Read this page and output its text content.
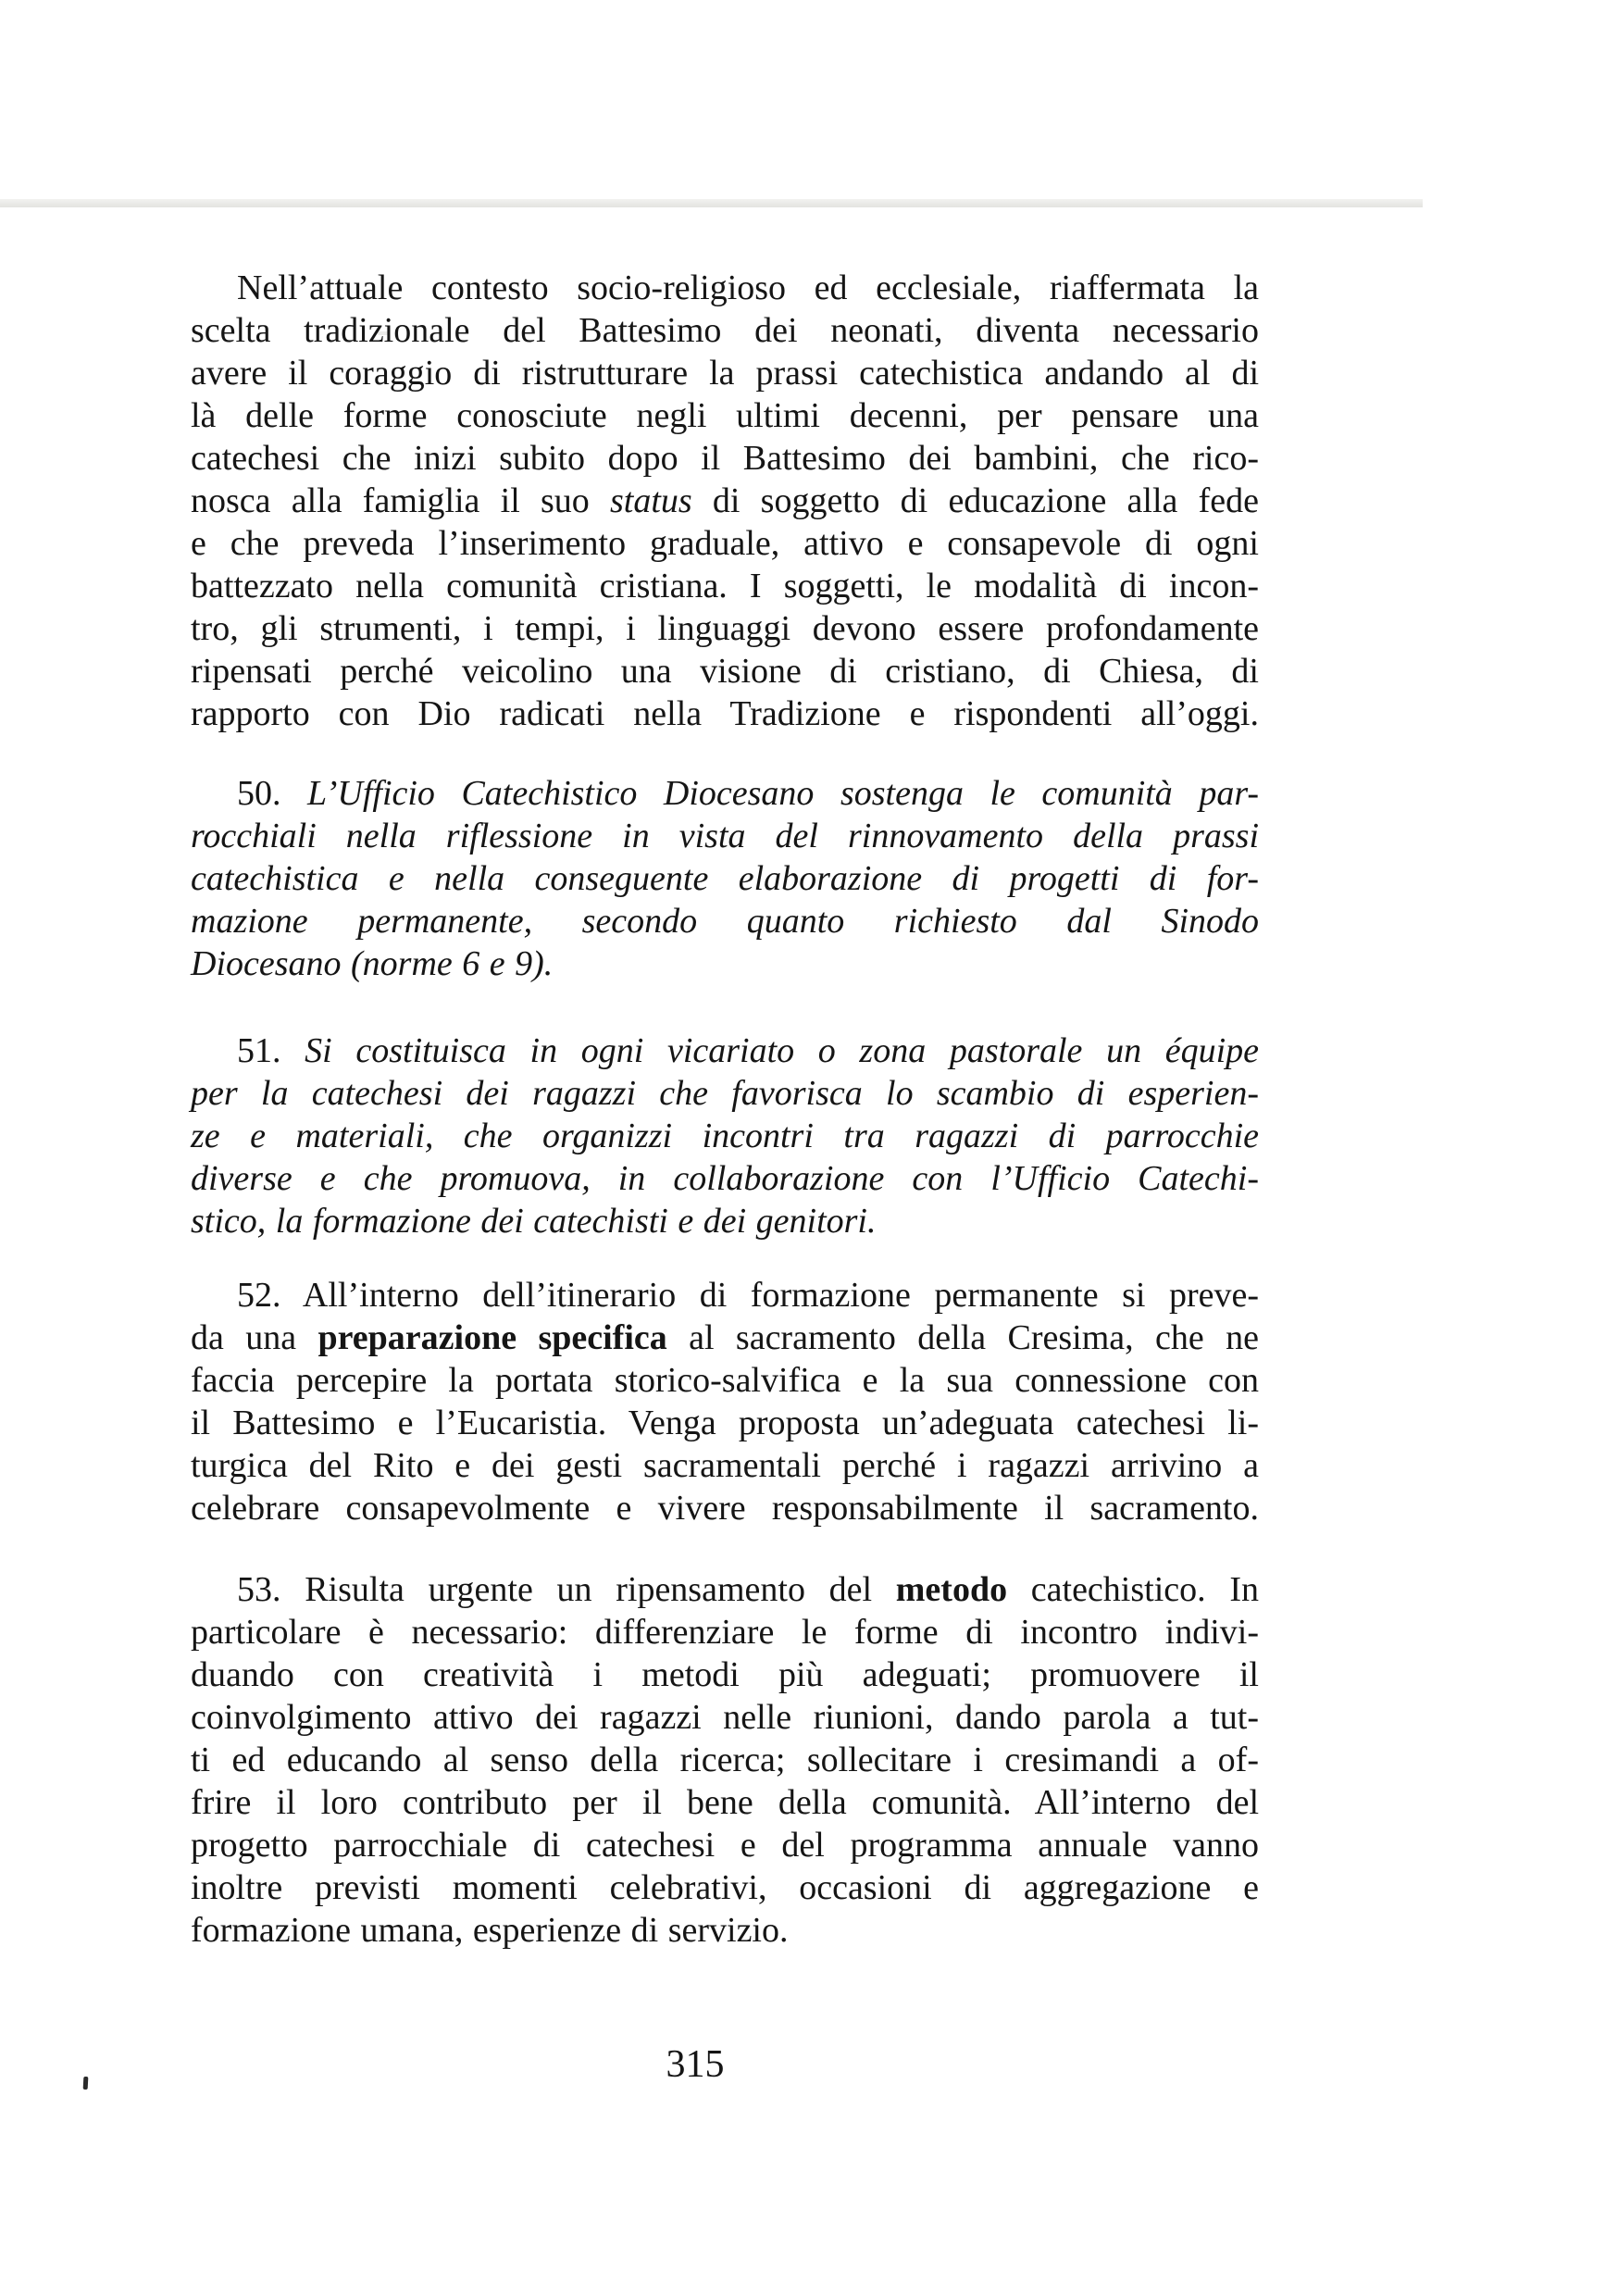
Nell’attuale contesto socio-religioso ed ecclesiale, riaffermata la
scelta tradizionale del Battesimo dei neonati, diventa necessario
avere il coraggio di ristrutturare la prassi catechistica andando al di
là delle forme conosciute negli ultimi decenni, per pensare una
catechesi che inizi subito dopo il Battesimo dei bambini, che rico-
nosca alla famiglia il suo status di soggetto di educazione alla fede
e che preveda l’inserimento graduale, attivo e consapevole di ogni
battezzato nella comunità cristiana. I soggetti, le modalità di incon-
tro, gli strumenti, i tempi, i linguaggi devono essere profondamente
ripensati perché veicolino una visione di cristiano, di Chiesa, di
rapporto con Dio radicati nella Tradizione e rispondenti all’oggi.
50. L’Ufficio Catechistico Diocesano sostenga le comunità par-
rocchiali nella riflessione in vista del rinnovamento della prassi
catechistica e nella conseguente elaborazione di progetti di for-
mazione permanente, secondo quanto richiesto dal Sinodo
Diocesano (norme 6 e 9).
51. Si costituisca in ogni vicariato o zona pastorale un équipe
per la catechesi dei ragazzi che favorisca lo scambio di esperien-
ze e materiali, che organizzi incontri tra ragazzi di parrocchie
diverse e che promuova, in collaborazione con l’Ufficio Catechi-
stico, la formazione dei catechisti e dei genitori.
52. All’interno dell’itinerario di formazione permanente si preve-
da una preparazione specifica al sacramento della Cresima, che ne
faccia percepire la portata storico-salvifica e la sua connessione con
il Battesimo e l’Eucaristia. Venga proposta un’adeguata catechesi li-
turgica del Rito e dei gesti sacramentali perché i ragazzi arrivino a
celebrare consapevolmente e vivere responsabilmente il sacramento.
53. Risulta urgente un ripensamento del metodo catechistico. In
particolare è necessario: differenziare le forme di incontro indivi-
duando con creatività i metodi più adeguati; promuovere il
coinvolgimento attivo dei ragazzi nelle riunioni, dando parola a tut-
ti ed educando al senso della ricerca; sollecitare i cresimandi a of-
frire il loro contributo per il bene della comunità. All’interno del
progetto parrocchiale di catechesi e del programma annuale vanno
inoltre previsti momenti celebrativi, occasioni di aggregazione e
formazione umana, esperienze di servizio.
315
